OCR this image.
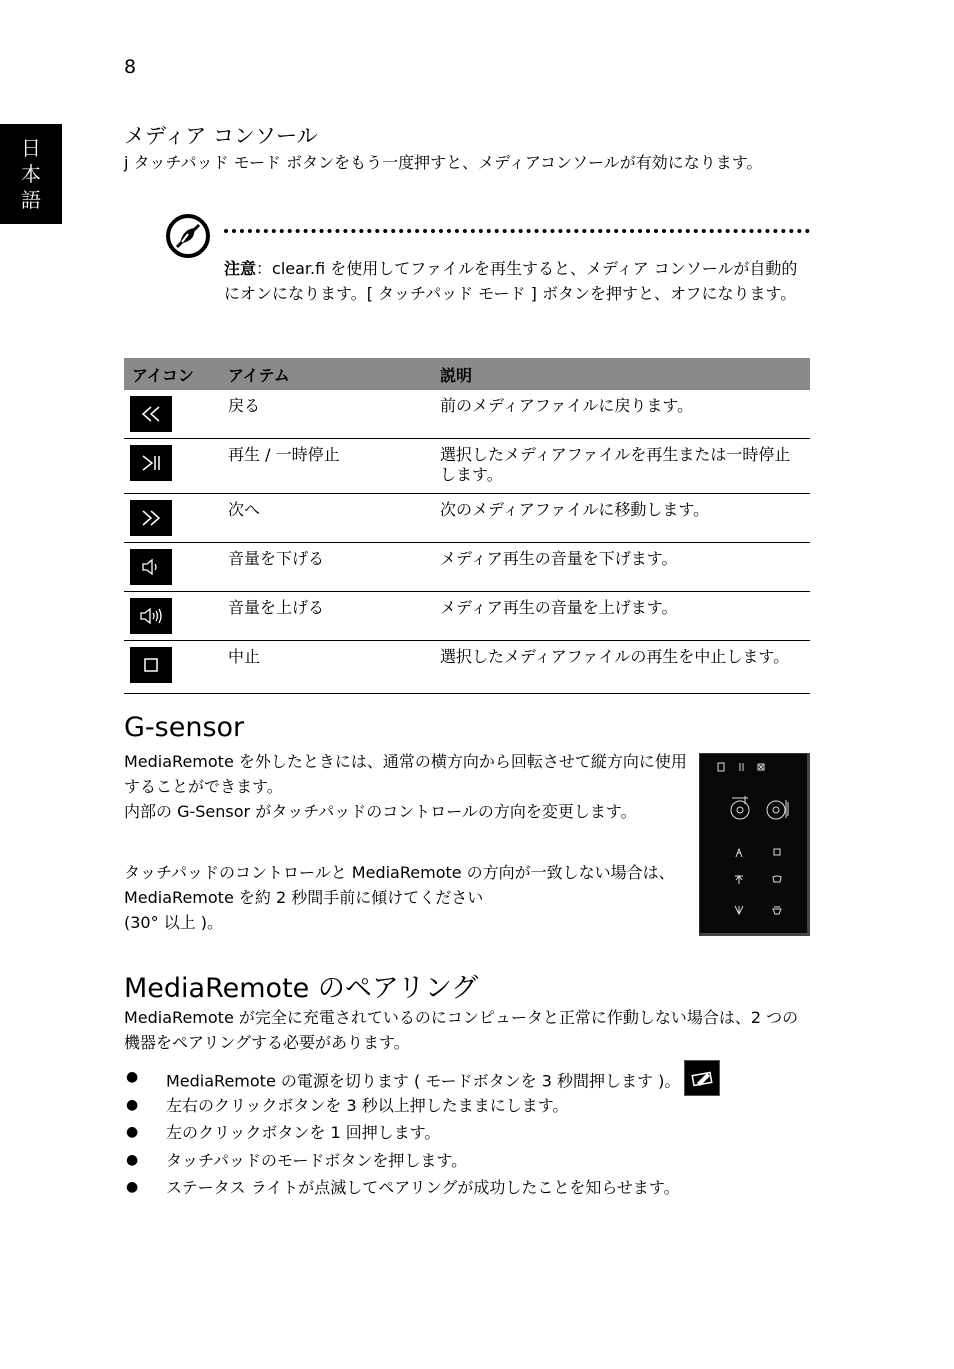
8
日
本
語
メディア コンソール

j タッチパッド モード ボタンをもう一度押すと、メディアコンソールが有効になります。

注意：clear.fi を使用してファイルを再生すると、メディア コンソールが自動的にオンになります。[ タッチパッド モード ] ボタンを押すと、オフになります。
アイコン	アイテム	説明

	戻る	前のメディアファイルに戻ります。

	再生 / 一時停止	選択したメディアファイルを再生または一時停止します。

	次へ	次のメディアファイルに移動します。

	音量を下げる	メディア再生の音量を下げます。

	音量を上げる	メディア再生の音量を上げます。

	中止	選択したメディアファイルの再生を中止します。
G-sensor

MediaRemote を外したときには、通常の横方向から回転させて縦方向に使用することができます。

内部の G-Sensor がタッチパッドのコントロールの方向を変更します。

タッチパッドのコントロールと MediaRemote の方向が一致しない場合は、MediaRemote を約 2 秒間手前に傾けてください

(30° 以上 )。

MediaRemote のペアリング

MediaRemote が完全に充電されているのにコンピュータと正常に作動しない場合は、2 つの機器をペアリングする必要があります。

● MediaRemote の電源を切ります ( モードボタンを 3 秒間押します )。
● 左右のクリックボタンを 3 秒以上押したままにします。
● 左のクリックボタンを 1 回押します。
● タッチパッドのモードボタンを押します。
● ステータス ライトが点滅してペアリングが成功したことを知らせます。
